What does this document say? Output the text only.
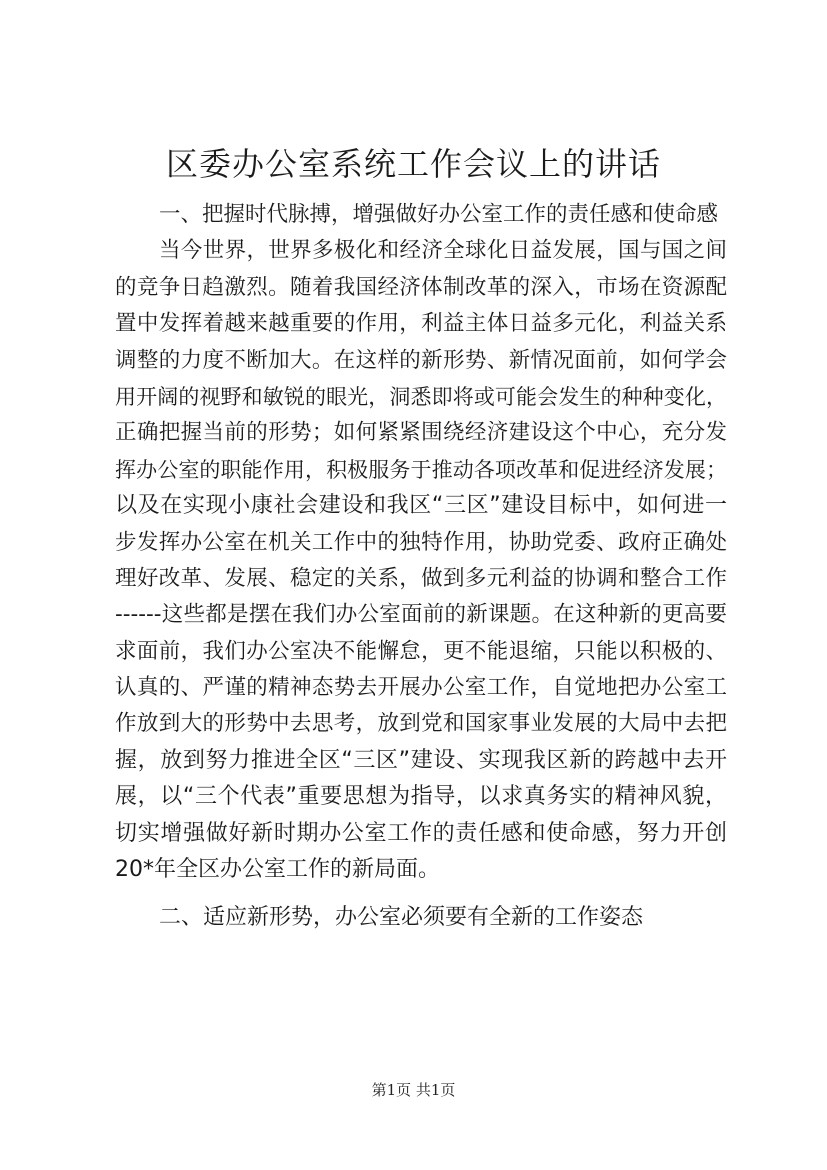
区委办公室系统工作会议上的讲话
一、把握时代脉搏，增强做好办公室工作的责任感和使命感
当今世界，世界多极化和经济全球化日益发展，国与国之间
的竞争日趋激烈。随着我国经济体制改革的深入，市场在资源配
置中发挥着越来越重要的作用，利益主体日益多元化，利益关系
调整的力度不断加大。在这样的新形势、新情况面前，如何学会
用开阔的视野和敏锐的眼光，洞悉即将或可能会发生的种种变化，
正确把握当前的形势；如何紧紧围绕经济建设这个中心，充分发
挥办公室的职能作用，积极服务于推动各项改革和促进经济发展；
以及在实现小康社会建设和我区“三区”建设目标中，如何进一
步发挥办公室在机关工作中的独特作用，协助党委、政府正确处
理好改革、发展、稳定的关系，做到多元利益的协调和整合工作
------这些都是摆在我们办公室面前的新课题。在这种新的更高要
求面前，我们办公室决不能懈怠，更不能退缩，只能以积极的、
认真的、严谨的精神态势去开展办公室工作，自觉地把办公室工
作放到大的形势中去思考，放到党和国家事业发展的大局中去把
握，放到努力推进全区“三区”建设、实现我区新的跨越中去开
展，以“三个代表”重要思想为指导，以求真务实的精神风貌，
切实增强做好新时期办公室工作的责任感和使命感，努力开创
20*年全区办公室工作的新局面。
二、适应新形势，办公室必须要有全新的工作姿态
第1页 共1页
